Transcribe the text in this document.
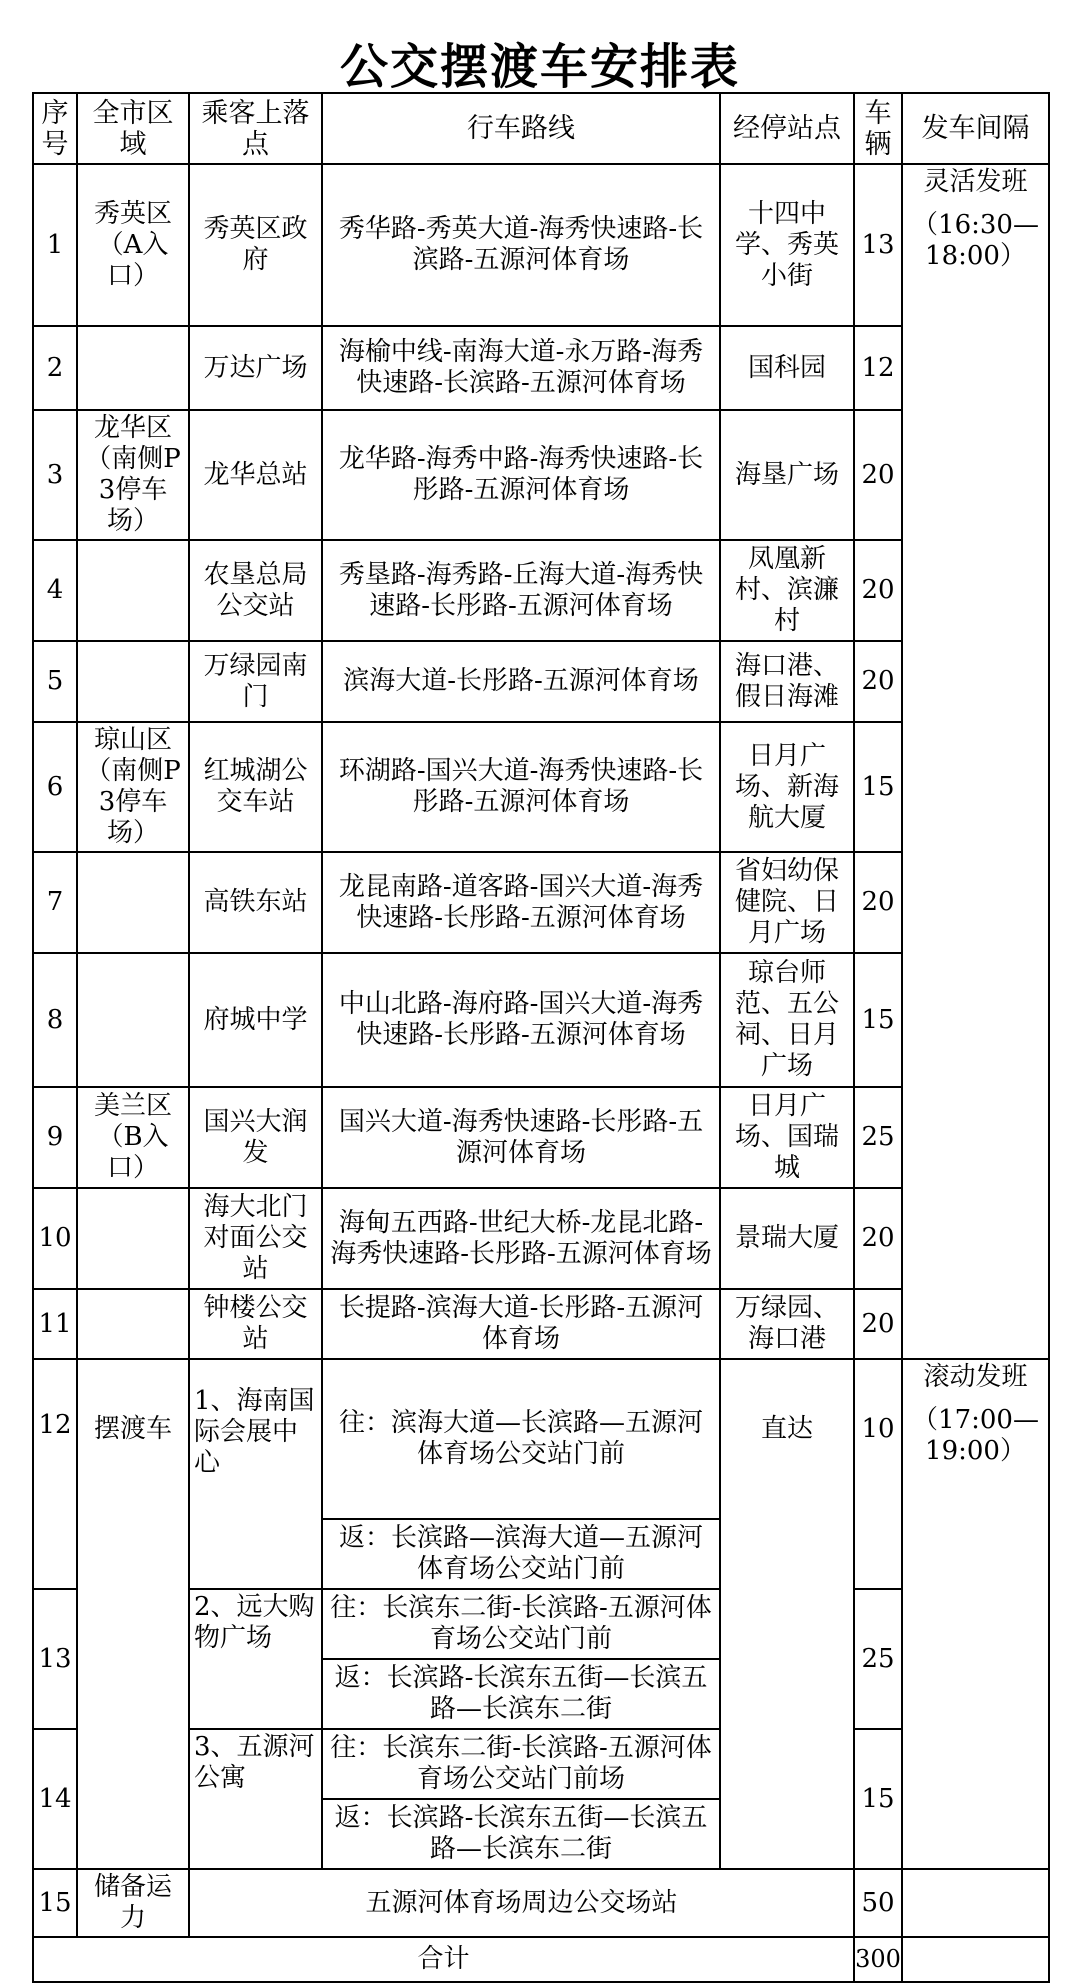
公交摆渡车安排表
序号	全市区域	乘客上落点	行车路线	经停站点	车辆	发车间隔
1	秀英区（A入口）	秀英区政府	秀华路-秀英大道-海秀快速路-长滨路-五源河体育场	十四中学、秀英小街	13	灵活发班
（16:30—18:00）

2		万达广场	海榆中线-南海大道-永万路-海秀快速路-长滨路-五源河体育场	国科园	12	
3	龙华区（南侧P3停车场）	龙华总站	龙华路-海秀中路-海秀快速路-长彤路-五源河体育场	海垦广场	20	
4		农垦总局公交站	秀垦路-海秀路-丘海大道-海秀快速路-长彤路-五源河体育场	凤凰新村、滨濂村	20	
5		万绿园南门	滨海大道-长彤路-五源河体育场	海口港、假日海滩	20	
6	琼山区（南侧P3停车场）	红城湖公交车站	环湖路-国兴大道-海秀快速路-长彤路-五源河体育场	日月广场、新海航大厦	15	
7		高铁东站	龙昆南路-道客路-国兴大道-海秀快速路-长彤路-五源河体育场	省妇幼保健院、日月广场	20	
8		府城中学	中山北路-海府路-国兴大道-海秀快速路-长彤路-五源河体育场	琼台师范、五公祠、日月广场	15	
9	美兰区（B入口）	国兴大润发	国兴大道-海秀快速路-长彤路-五源河体育场	日月广场、国瑞城	25	
10		海大北门对面公交站	海甸五西路-世纪大桥-龙昆北路-海秀快速路-长彤路-五源河体育场	景瑞大厦	20	
11		钟楼公交站	长提路-滨海大道-长彤路-五源河体育场	万绿园、海口港	20	
12	摆渡车	1、海南国际会展中心	往：滨海大道—长滨路—五源河体育场公交站门前	直达	10	滚动发班
（17:00—19:00）

			返：长滨路—滨海大道—五源河体育场公交站门前			
13		2、远大购物广场	往：长滨东二街-长滨路-五源河体育场公交站门前		25	
			返：长滨路-长滨东五街—长滨五路—长滨东二街			
14		3、五源河公寓	往：长滨东二街-长滨路-五源河体育场公交站门前场		15	
			返：长滨路-长滨东五街—长滨五路—长滨东二街			
15	储备运力	五源河体育场周边公交场站			50	
合计					300	
